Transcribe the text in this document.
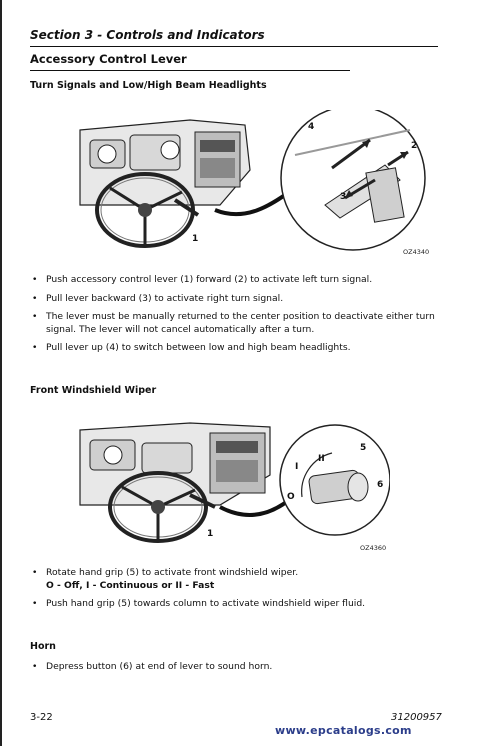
Section 3 - Controls and Indicators
Accessory Control Lever
Turn Signals and Low/High Beam Headlights
1
2
3
4
OZ4340
• Push accessory control lever (1) forward (2) to activate left turn signal.
• Pull lever backward (3) to activate right turn signal.
• The lever must be manually returned to the center position to deactivate either turn signal. The lever will not cancel automatically after a turn.
• Pull lever up (4) to switch between low and high beam headlights.
Front Windshield Wiper
1
5
6
O
I
II
OZ4360
• Rotate hand grip (5) to activate front windshield wiper.
O - Off, I - Continuous or II - Fast
• Push hand grip (5) towards column to activate windshield wiper fluid.
Horn
• Depress button (6) at end of lever to sound horn.
3-22	31200957
www.epcatalogs.com
